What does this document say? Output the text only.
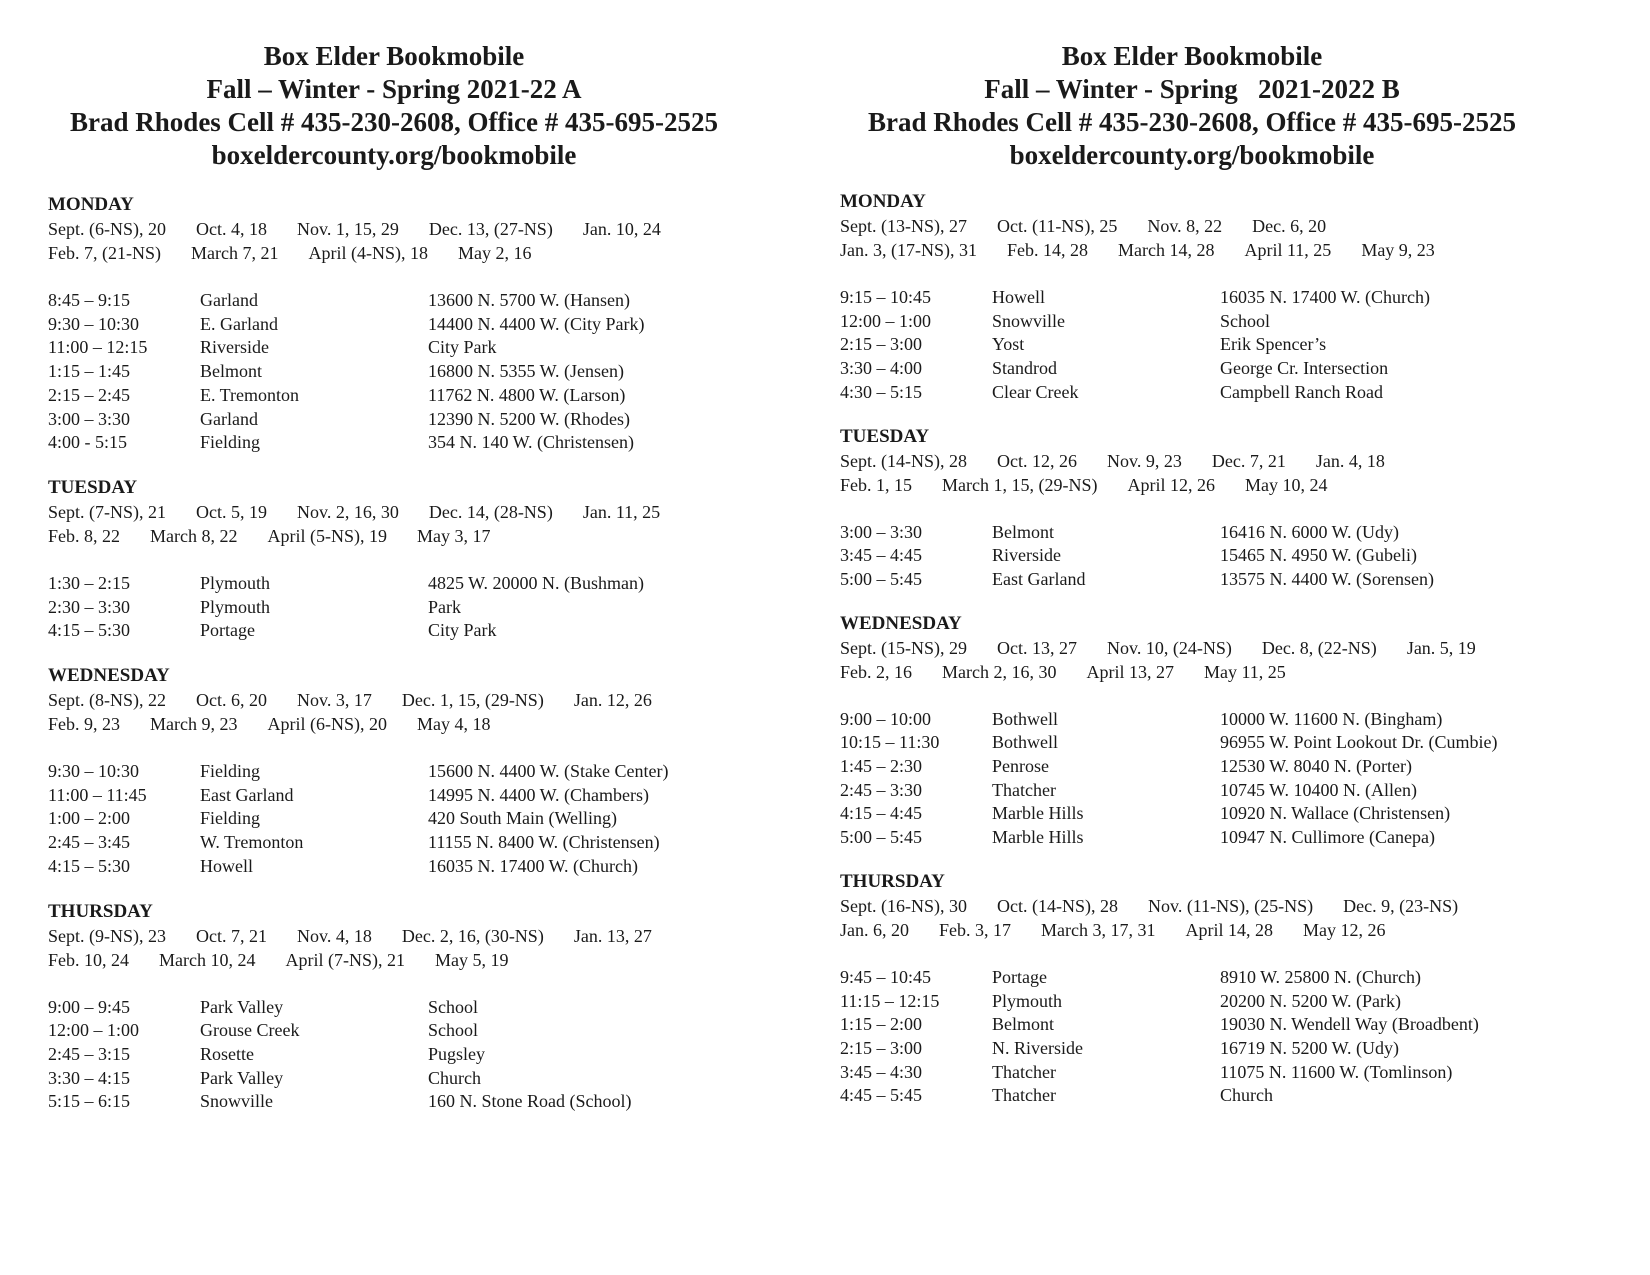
Box Elder Bookmobile
Fall – Winter - Spring 2021-22 A
Brad Rhodes Cell # 435-230-2608, Office # 435-695-2525
boxeldercounty.org/bookmobile
MONDAY
Sept. (6-NS), 20 Oct. 4, 18 Nov. 1, 15, 29 Dec. 13, (27-NS) Jan. 10, 24
Feb. 7, (21-NS) March 7, 21 April (4-NS), 18 May 2, 16
8:45 – 9:15	Garland	13600 N. 5700 W. (Hansen)
9:30 – 10:30	E. Garland	14400 N. 4400 W. (City Park)
11:00 – 12:15	Riverside	City Park
1:15 – 1:45	Belmont	16800 N. 5355 W. (Jensen)
2:15 – 2:45	E. Tremonton	11762 N. 4800 W. (Larson)
3:00 – 3:30	Garland	12390 N. 5200 W. (Rhodes)
4:00 - 5:15	Fielding	354 N. 140 W. (Christensen)
TUESDAY
Sept. (7-NS), 21 Oct. 5, 19 Nov. 2, 16, 30 Dec. 14, (28-NS) Jan. 11, 25
Feb. 8, 22 March 8, 22 April (5-NS), 19 May 3, 17
1:30 – 2:15	Plymouth	4825 W. 20000 N. (Bushman)
2:30 – 3:30	Plymouth	Park
4:15 – 5:30	Portage	City Park
WEDNESDAY
Sept. (8-NS), 22 Oct. 6, 20 Nov. 3, 17 Dec. 1, 15, (29-NS) Jan. 12, 26
Feb. 9, 23 March 9, 23 April (6-NS), 20 May 4, 18
9:30 – 10:30	Fielding	15600 N. 4400 W. (Stake Center)
11:00 – 11:45	East Garland	14995 N. 4400 W. (Chambers)
1:00 – 2:00	Fielding	420 South Main (Welling)
2:45 – 3:45	W. Tremonton	11155 N. 8400 W. (Christensen)
4:15 – 5:30	Howell	16035 N. 17400 W. (Church)
THURSDAY
Sept. (9-NS), 23 Oct. 7, 21 Nov. 4, 18 Dec. 2, 16, (30-NS) Jan. 13, 27
Feb. 10, 24 March 10, 24 April (7-NS), 21 May 5, 19
9:00 – 9:45	Park Valley	School
12:00 – 1:00	Grouse Creek	School
2:45 – 3:15	Rosette	Pugsley
3:30 – 4:15	Park Valley	Church
5:15 – 6:15	Snowville	160 N. Stone Road (School)
Box Elder Bookmobile
Fall – Winter - Spring   2021-2022 B
Brad Rhodes Cell # 435-230-2608, Office # 435-695-2525
boxeldercounty.org/bookmobile
MONDAY
Sept. (13-NS), 27 Oct. (11-NS), 25 Nov. 8, 22 Dec. 6, 20
Jan. 3, (17-NS), 31 Feb. 14, 28 March 14, 28 April 11, 25 May 9, 23
9:15 – 10:45	Howell	16035 N. 17400 W. (Church)
12:00 – 1:00	Snowville	School
2:15 – 3:00	Yost	Erik Spencer’s
3:30 – 4:00	Standrod	George Cr. Intersection
4:30 – 5:15	Clear Creek	Campbell Ranch Road
TUESDAY
Sept. (14-NS), 28 Oct. 12, 26 Nov. 9, 23 Dec. 7, 21 Jan. 4, 18
Feb. 1, 15 March 1, 15, (29-NS) April 12, 26 May 10, 24
3:00 – 3:30	Belmont	16416 N. 6000 W. (Udy)
3:45 – 4:45	Riverside	15465 N. 4950 W. (Gubeli)
5:00 – 5:45	East Garland	13575 N. 4400 W. (Sorensen)
WEDNESDAY
Sept. (15-NS), 29 Oct. 13, 27 Nov. 10, (24-NS) Dec. 8, (22-NS) Jan. 5, 19
Feb. 2, 16 March 2, 16, 30 April 13, 27 May 11, 25
9:00 – 10:00	Bothwell	10000 W. 11600 N. (Bingham)
10:15 – 11:30	Bothwell	96955 W. Point Lookout Dr. (Cumbie)
1:45 – 2:30	Penrose	12530 W. 8040 N. (Porter)
2:45 – 3:30	Thatcher	10745 W. 10400 N. (Allen)
4:15 – 4:45	Marble Hills	10920 N. Wallace (Christensen)
5:00 – 5:45	Marble Hills	10947 N. Cullimore (Canepa)
THURSDAY
Sept. (16-NS), 30 Oct. (14-NS), 28 Nov. (11-NS), (25-NS) Dec. 9, (23-NS)
Jan. 6, 20 Feb. 3, 17 March 3, 17, 31 April 14, 28 May 12, 26
9:45 – 10:45	Portage	8910 W. 25800 N. (Church)
11:15 – 12:15	Plymouth	20200 N. 5200 W. (Park)
1:15 – 2:00	Belmont	19030 N. Wendell Way (Broadbent)
2:15 – 3:00	N. Riverside	16719 N. 5200 W. (Udy)
3:45 – 4:30	Thatcher	11075 N. 11600 W. (Tomlinson)
4:45 – 5:45	Thatcher	Church
